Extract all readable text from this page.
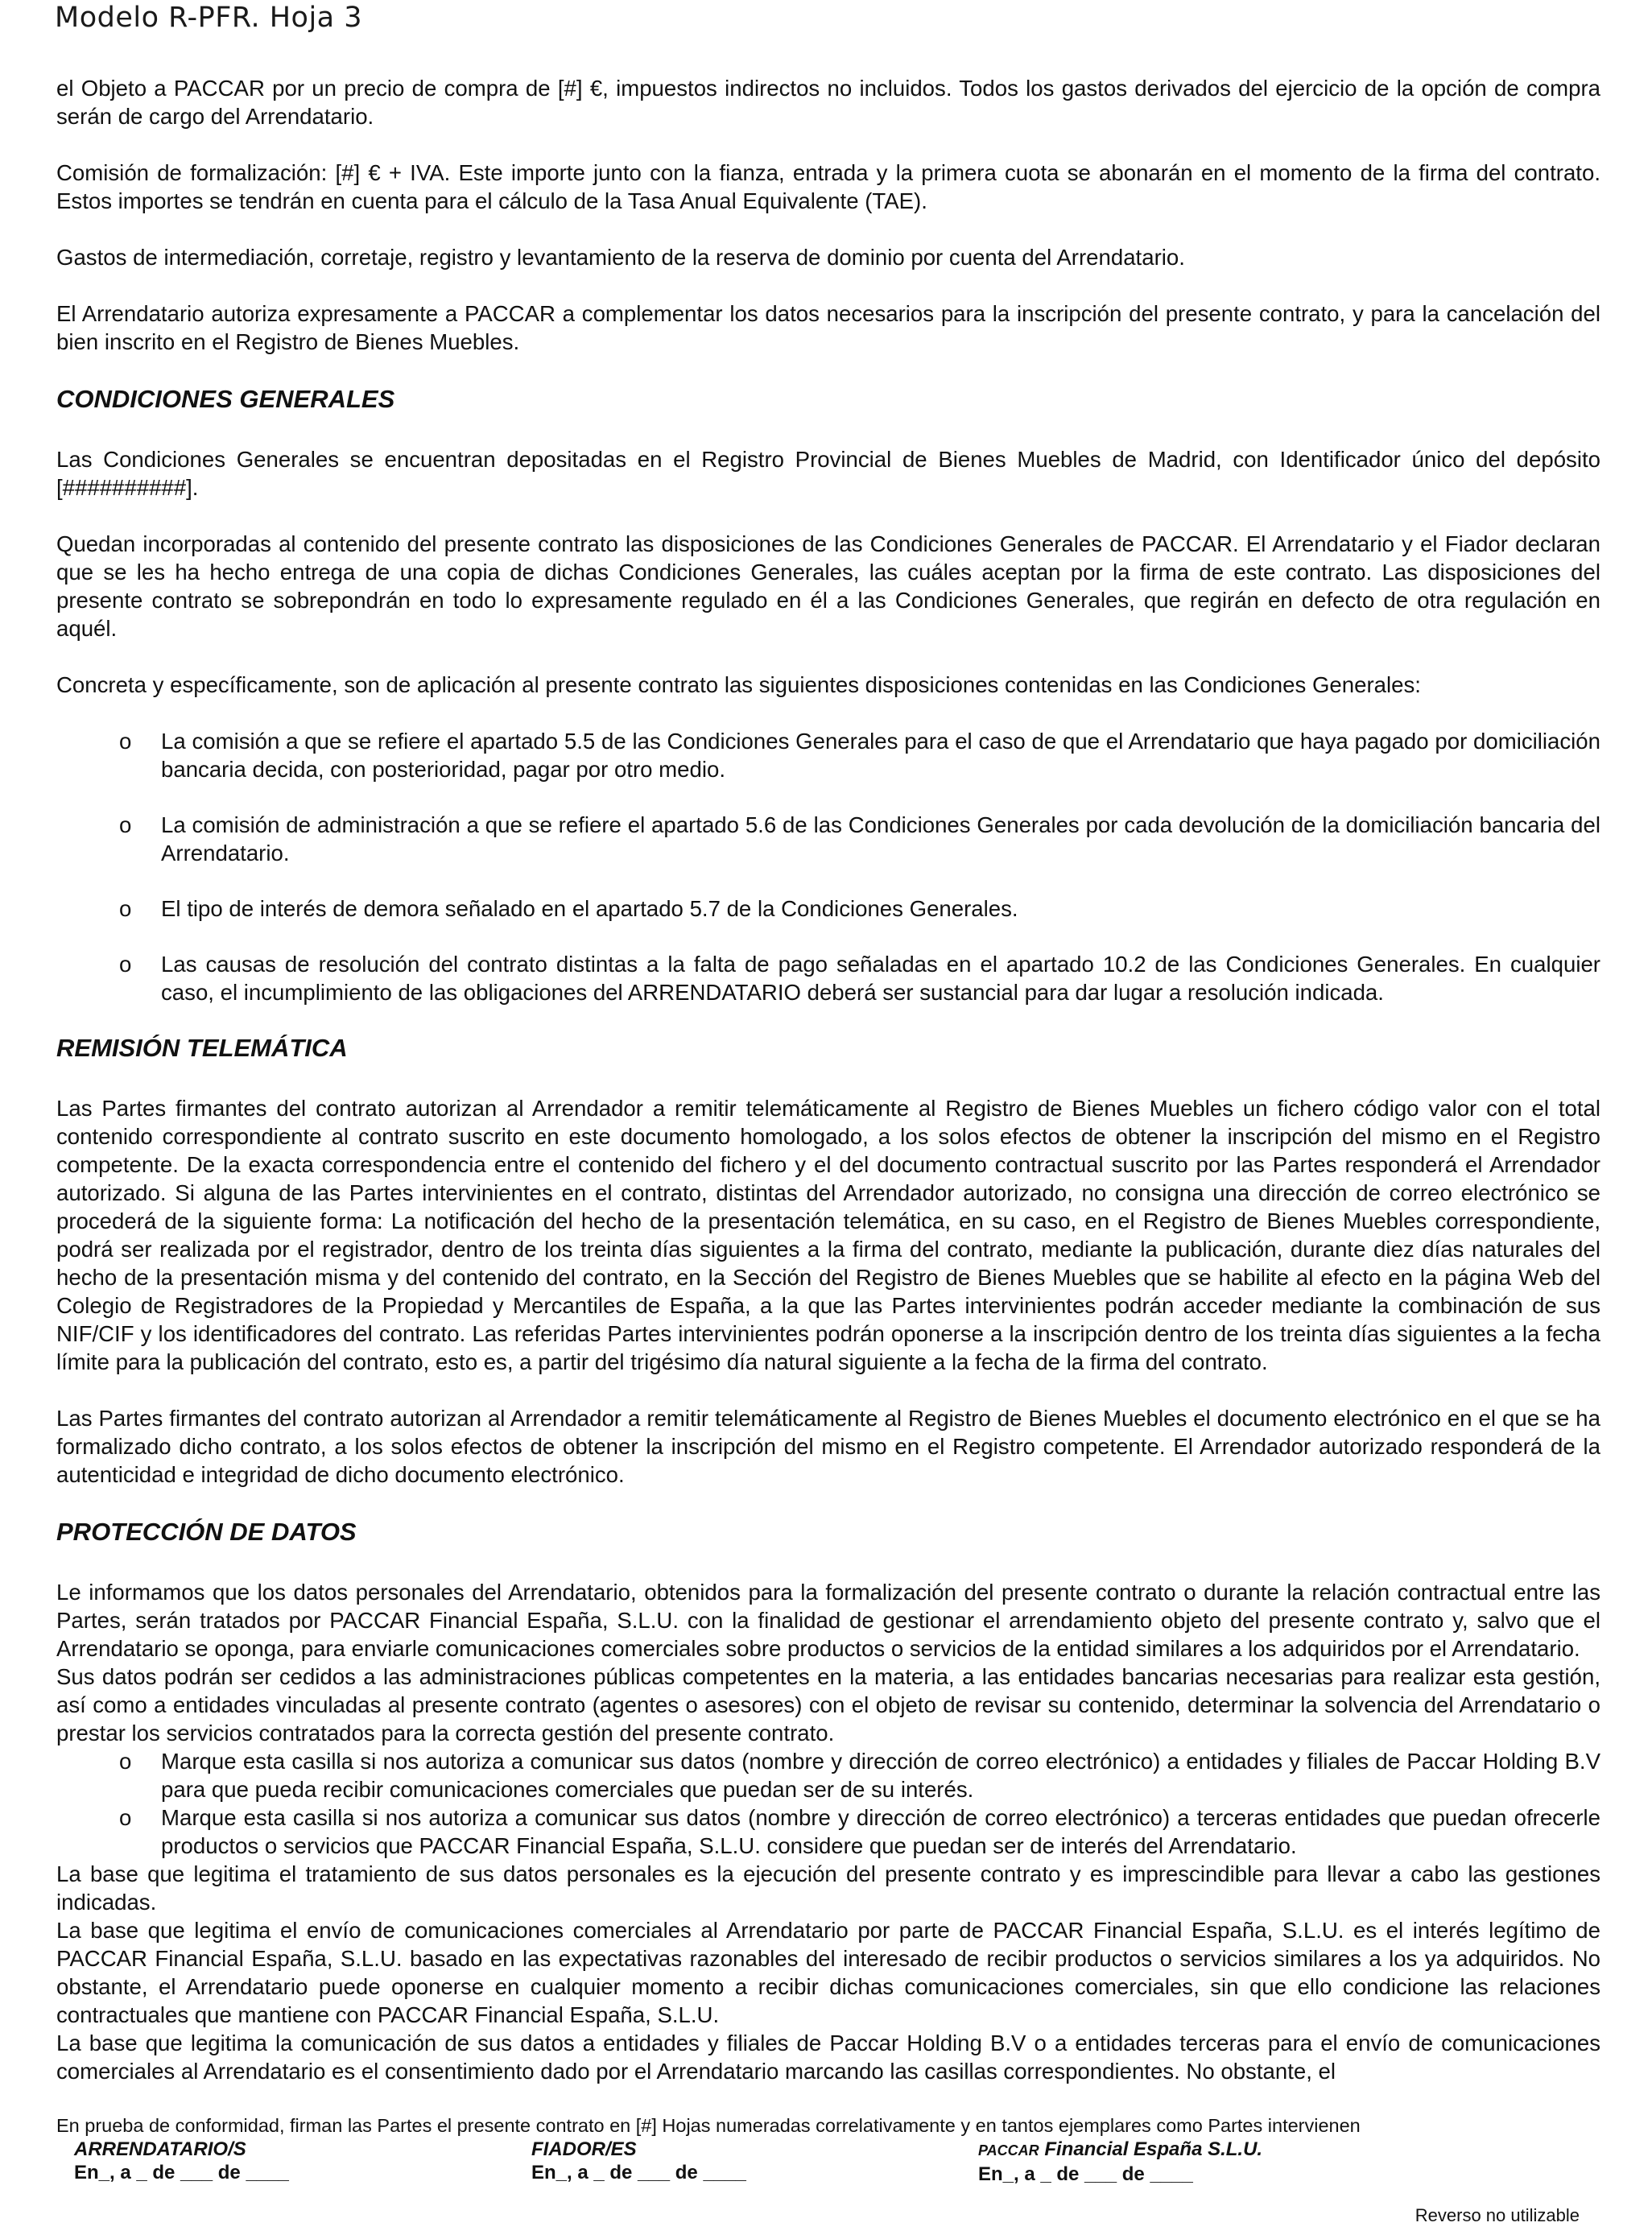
Modelo R-PFR. Hoja 3

el Objeto a PACCAR por un precio de compra de [#] €, impuestos indirectos no incluidos. Todos los gastos derivados del ejercicio de la opción de compra serán de cargo del Arrendatario.

Comisión de formalización: [#] € + IVA. Este importe junto con la fianza, entrada y la primera cuota se abonarán en el momento de la firma del contrato. Estos importes se tendrán en cuenta para el cálculo de la Tasa Anual Equivalente (TAE).

Gastos de intermediación, corretaje, registro y levantamiento de la reserva de dominio por cuenta del Arrendatario.

El Arrendatario autoriza expresamente a PACCAR a complementar los datos necesarios para la inscripción del presente contrato, y para la cancelación del bien inscrito en el Registro de Bienes Muebles.

CONDICIONES GENERALES

Las Condiciones Generales se encuentran depositadas en el Registro Provincial de Bienes Muebles de Madrid, con Identificador único del depósito [##########].

Quedan incorporadas al contenido del presente contrato las disposiciones de las Condiciones Generales de PACCAR. El Arrendatario y el Fiador declaran que se les ha hecho entrega de una copia de dichas Condiciones Generales, las cuáles aceptan por la firma de este contrato. Las disposiciones del presente contrato se sobrepondrán en todo lo expresamente regulado en él a las Condiciones Generales, que regirán en defecto de otra regulación en aquél.

Concreta y específicamente, son de aplicación al presente contrato las siguientes disposiciones contenidas en las Condiciones Generales:

o La comisión a que se refiere el apartado 5.5 de las Condiciones Generales para el caso de que el Arrendatario que haya pagado por domiciliación bancaria decida, con posterioridad, pagar por otro medio.
o La comisión de administración a que se refiere el apartado 5.6 de las Condiciones Generales por cada devolución de la domiciliación bancaria del Arrendatario.
o El tipo de interés de demora señalado en el apartado 5.7 de la Condiciones Generales.
o Las causas de resolución del contrato distintas a la falta de pago señaladas en el apartado 10.2 de las Condiciones Generales. En cualquier caso, el incumplimiento de las obligaciones del ARRENDATARIO deberá ser sustancial para dar lugar a resolución indicada.
REMISIÓN TELEMÁTICA

Las Partes firmantes del contrato autorizan al Arrendador a remitir telemáticamente al Registro de Bienes Muebles un fichero código valor con el total contenido correspondiente al contrato suscrito en este documento homologado, a los solos efectos de obtener la inscripción del mismo en el Registro competente. De la exacta correspondencia entre el contenido del fichero y el del documento contractual suscrito por las Partes responderá el Arrendador autorizado. Si alguna de las Partes intervinientes en el contrato, distintas del Arrendador autorizado, no consigna una dirección de correo electrónico se procederá de la siguiente forma: La notificación del hecho de la presentación telemática, en su caso, en el Registro de Bienes Muebles correspondiente, podrá ser realizada por el registrador, dentro de los treinta días siguientes a la firma del contrato, mediante la publicación, durante diez días naturales del hecho de la presentación misma y del contenido del contrato, en la Sección del Registro de Bienes Muebles que se habilite al efecto en la página Web del Colegio de Registradores de la Propiedad y Mercantiles de España, a la que las Partes intervinientes podrán acceder mediante la combinación de sus NIF/CIF y los identificadores del contrato. Las referidas Partes intervinientes podrán oponerse a la inscripción dentro de los treinta días siguientes a la fecha límite para la publicación del contrato, esto es, a partir del trigésimo día natural siguiente a la fecha de la firma del contrato.

Las Partes firmantes del contrato autorizan al Arrendador a remitir telemáticamente al Registro de Bienes Muebles el documento electrónico en el que se ha formalizado dicho contrato, a los solos efectos de obtener la inscripción del mismo en el Registro competente. El Arrendador autorizado responderá de la autenticidad e integridad de dicho documento electrónico.

PROTECCIÓN DE DATOS

Le informamos que los datos personales del Arrendatario, obtenidos para la formalización del presente contrato o durante la relación contractual entre las Partes, serán tratados por PACCAR Financial España, S.L.U. con la finalidad de gestionar el arrendamiento objeto del presente contrato y, salvo que el Arrendatario se oponga, para enviarle comunicaciones comerciales sobre productos o servicios de la entidad similares a los adquiridos por el Arrendatario.

Sus datos podrán ser cedidos a las administraciones públicas competentes en la materia, a las entidades bancarias necesarias para realizar esta gestión, así como a entidades vinculadas al presente contrato (agentes o asesores) con el objeto de revisar su contenido, determinar la solvencia del Arrendatario o prestar los servicios contratados para la correcta gestión del presente contrato.

o Marque esta casilla si nos autoriza a comunicar sus datos (nombre y dirección de correo electrónico) a entidades y filiales de Paccar Holding B.V para que pueda recibir comunicaciones comerciales que puedan ser de su interés.
o Marque esta casilla si nos autoriza a comunicar sus datos (nombre y dirección de correo electrónico) a terceras entidades que puedan ofrecerle productos o servicios que PACCAR Financial España, S.L.U. considere que puedan ser de interés del Arrendatario.

La base que legitima el tratamiento de sus datos personales es la ejecución del presente contrato y es imprescindible para llevar a cabo las gestiones indicadas.

La base que legitima el envío de comunicaciones comerciales al Arrendatario por parte de PACCAR Financial España, S.L.U. es el interés legítimo de PACCAR Financial España, S.L.U. basado en las expectativas razonables del interesado de recibir productos o servicios similares a los ya adquiridos. No obstante, el Arrendatario puede oponerse en cualquier momento a recibir dichas comunicaciones comerciales, sin que ello condicione las relaciones contractuales que mantiene con PACCAR Financial España, S.L.U.

La base que legitima la comunicación de sus datos a entidades y filiales de Paccar Holding B.V o a entidades terceras para el envío de comunicaciones comerciales al Arrendatario es el consentimiento dado por el Arrendatario marcando las casillas correspondientes. No obstante, el

En prueba de conformidad, firman las Partes el presente contrato en [#] Hojas numeradas correlativamente y en tantos ejemplares como Partes intervienen
ARRENDATARIO/S
En_, a _ de ___ de ____
FIADOR/ES
En_, a _ de ___ de ____
PACCAR Financial España S.L.U.
En_, a _ de ___ de ____
Reverso no utilizable
